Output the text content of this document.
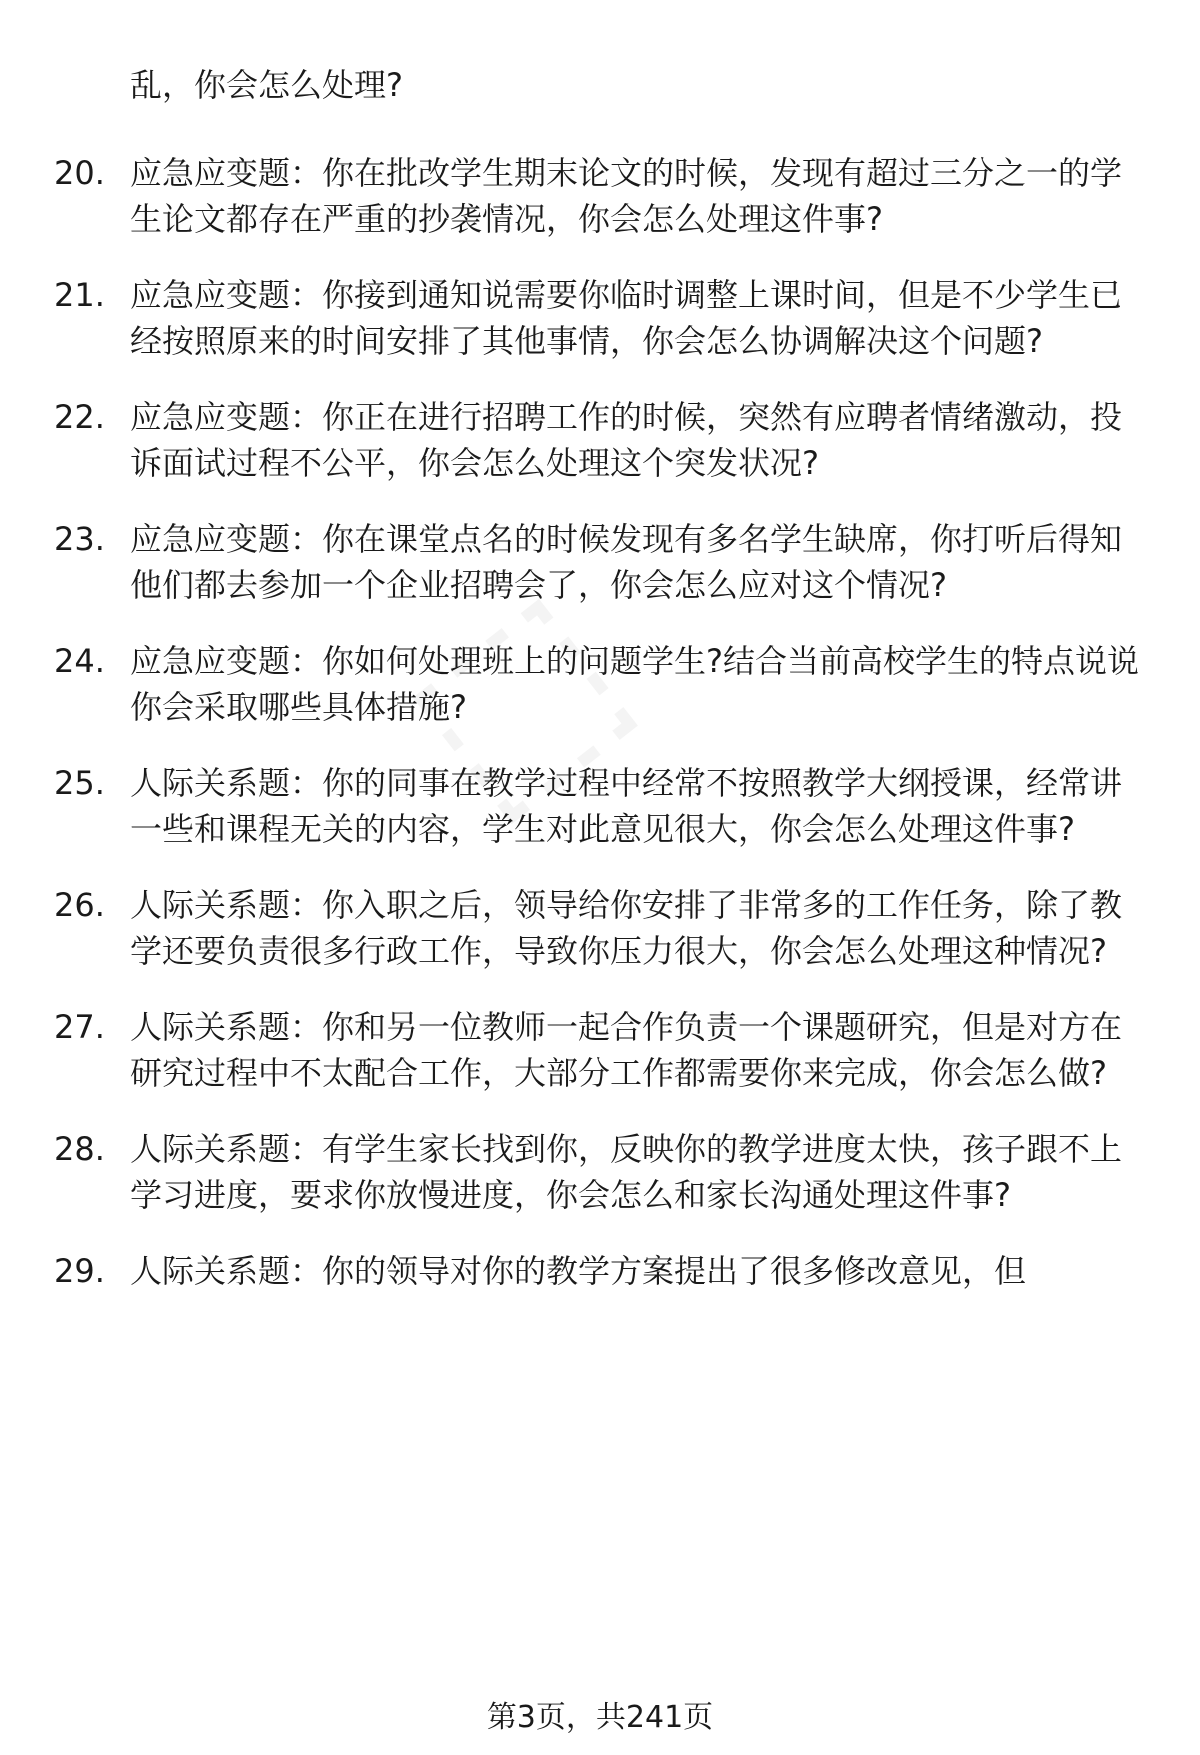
乱，你会怎么处理?

20. 应急应变题：你在批改学生期末论文的时候，发现有超过三分之一的学生论文都存在严重的抄袭情况，你会怎么处理这件事?
21. 应急应变题：你接到通知说需要你临时调整上课时间，但是不少学生已经按照原来的时间安排了其他事情，你会怎么协调解决这个问题?
22. 应急应变题：你正在进行招聘工作的时候，突然有应聘者情绪激动，投诉面试过程不公平，你会怎么处理这个突发状况?
23. 应急应变题：你在课堂点名的时候发现有多名学生缺席，你打听后得知他们都去参加一个企业招聘会了，你会怎么应对这个情况?
24. 应急应变题：你如何处理班上的问题学生?结合当前高校学生的特点说说你会采取哪些具体措施?
25. 人际关系题：你的同事在教学过程中经常不按照教学大纲授课，经常讲一些和课程无关的内容，学生对此意见很大，你会怎么处理这件事?
26. 人际关系题：你入职之后，领导给你安排了非常多的工作任务，除了教学还要负责很多行政工作，导致你压力很大，你会怎么处理这种情况?
27. 人际关系题：你和另一位教师一起合作负责一个课题研究，但是对方在研究过程中不太配合工作，大部分工作都需要你来完成，你会怎么做?
28. 人际关系题：有学生家长找到你，反映你的教学进度太快，孩子跟不上学习进度，要求你放慢进度，你会怎么和家长沟通处理这件事?
29. 人际关系题：你的领导对你的教学方案提出了很多修改意见，但
第3页，共241页
